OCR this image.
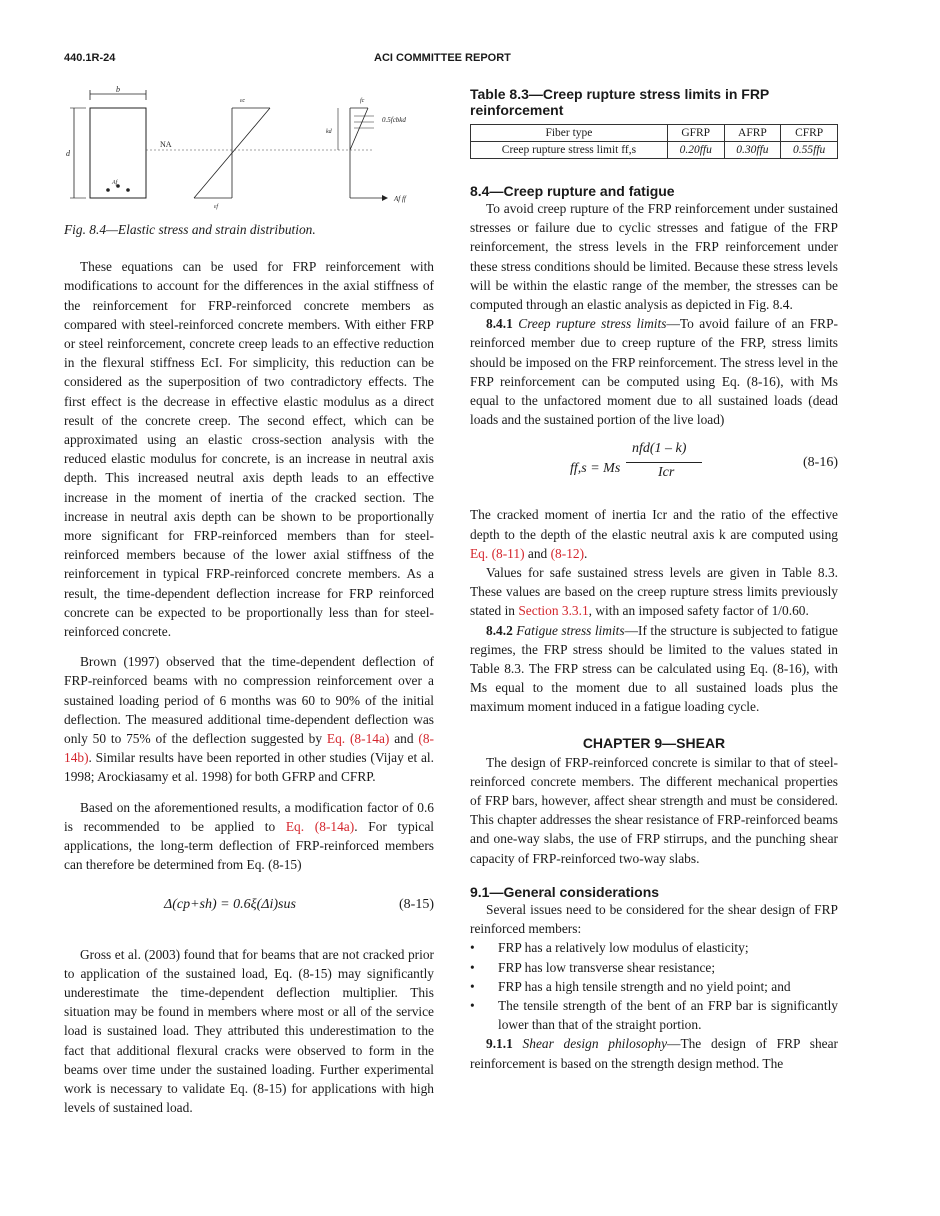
440.1R-24	ACI COMMITTEE REPORT
b
d
Af
NA
εc
εf
kd
fc
0.5fcbkd
Af ff

Fig. 8.4—Elastic stress and strain distribution.

These equations can be used for FRP reinforcement with modifications to account for the differences in the axial stiffness of the reinforcement for FRP-reinforced concrete members as compared with steel-reinforced concrete members. With either FRP or steel reinforcement, concrete creep leads to an effective reduction in the flexural stiffness EcI. For simplicity, this reduction can be considered as the superposition of two contradictory effects. The first effect is the decrease in effective elastic modulus as a direct result of the concrete creep. The second effect, which can be approximated using an elastic cross-section analysis with the reduced elastic modulus for concrete, is an increase in neutral axis depth. This increased neutral axis depth leads to an effective increase in the moment of inertia of the cracked section. The increase in neutral axis depth can be shown to be proportionally more significant for FRP-reinforced members than for steel-reinforced members because of the lower axial stiffness of the reinforcement in typical FRP-reinforced concrete members. As a result, the time-dependent deflection increase for FRP reinforced concrete can be expected to be proportionally less than for steel-reinforced concrete.

Brown (1997) observed that the time-dependent deflection of FRP-reinforced beams with no compression reinforcement over a sustained loading period of 6 months was 60 to 90% of the initial deflection. The measured additional time-dependent deflection was only 50 to 75% of the deflection suggested by Eq. (8-14a) and (8-14b). Similar results have been reported in other studies (Vijay et al. 1998; Arockiasamy et al. 1998) for both GFRP and CFRP.

Based on the aforementioned results, a modification factor of 0.6 is recommended to be applied to Eq. (8-14a). For typical applications, the long-term deflection of FRP-reinforced members can therefore be determined from Eq. (8-15)

Δ(cp+sh) = 0.6ξ(Δi)sus	(8-15)

Gross et al. (2003) found that for beams that are not cracked prior to application of the sustained load, Eq. (8-15) may significantly underestimate the time-dependent deflection multiplier. This situation may be found in members where most or all of the service load is sustained load. They attributed this underestimation to the fact that additional flexural cracks were observed to form in the beams over time under the sustained loading. Further experimental work is necessary to validate Eq. (8-15) for applications with high levels of sustained load.

Table 8.3—Creep rupture stress limits in FRP reinforcement
Fiber type	GFRP	AFRP	CFRP
Creep rupture stress limit ff,s	0.20ffu	0.30ffu	0.55ffu
8.4—Creep rupture and fatigue

To avoid creep rupture of the FRP reinforcement under sustained stresses or failure due to cyclic stresses and fatigue of the FRP reinforcement, the stress levels in the FRP reinforcement under these stress conditions should be limited. Because these stress levels will be within the elastic range of the member, the stresses can be computed through an elastic analysis as depicted in Fig. 8.4.

8.4.1 Creep rupture stress limits—To avoid failure of an FRP-reinforced member due to creep rupture of the FRP, stress limits should be imposed on the FRP reinforcement. The stress level in the FRP reinforcement can be computed using Eq. (8-16), with Ms equal to the unfactored moment due to all sustained loads (dead loads and the sustained portion of the live load)

ff,s = Ms
nfd(1 – k)
Icr
(8-16)

The cracked moment of inertia Icr and the ratio of the effective depth to the depth of the elastic neutral axis k are computed using Eq. (8-11) and (8-12).

Values for safe sustained stress levels are given in Table 8.3. These values are based on the creep rupture stress limits previously stated in Section 3.3.1, with an imposed safety factor of 1/0.60.

8.4.2 Fatigue stress limits—If the structure is subjected to fatigue regimes, the FRP stress should be limited to the values stated in Table 8.3. The FRP stress can be calculated using Eq. (8-16), with Ms equal to the moment due to all sustained loads plus the maximum moment induced in a fatigue loading cycle.

CHAPTER 9—SHEAR

The design of FRP-reinforced concrete is similar to that of steel-reinforced concrete members. The different mechanical properties of FRP bars, however, affect shear strength and must be considered. This chapter addresses the shear resistance of FRP-reinforced beams and one-way slabs, the use of FRP stirrups, and the punching shear capacity of FRP-reinforced two-way slabs.

9.1—General considerations

Several issues need to be considered for the shear design of FRP reinforced members:

•	FRP has a relatively low modulus of elasticity;
•	FRP has low transverse shear resistance;
•	FRP has a high tensile strength and no yield point; and
•	The tensile strength of the bent of an FRP bar is significantly lower than that of the straight portion.

9.1.1 Shear design philosophy—The design of FRP shear reinforcement is based on the strength design method. The
